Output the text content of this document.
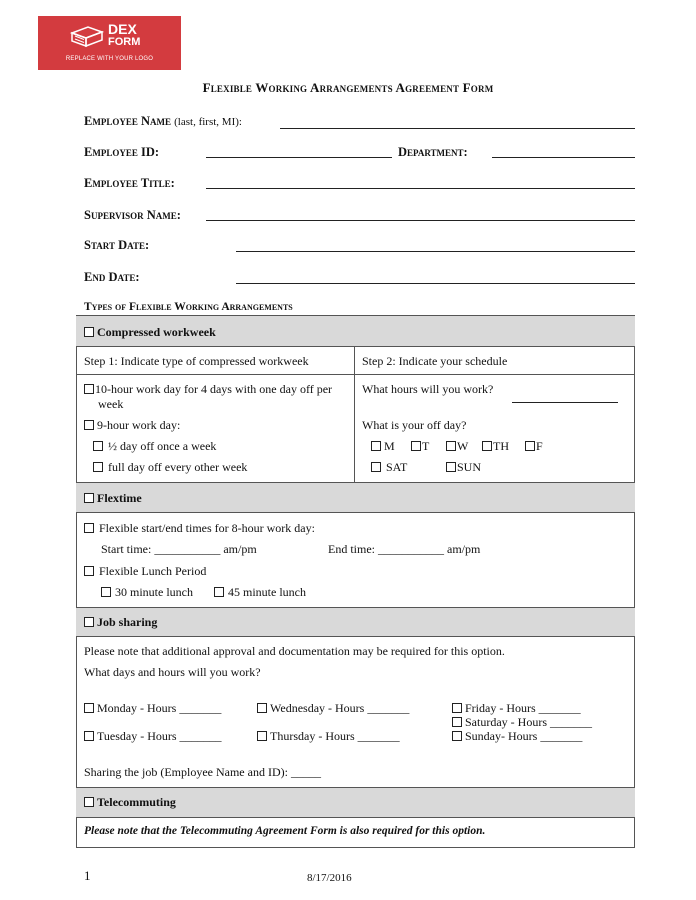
DEX
FORM
REPLACE WITH YOUR LOGO
Flexible Working Arrangements Agreement Form
Employee Name (last, first, MI):
Employee ID:	Department:
Employee Title:
Supervisor Name:
Start Date:
End Date:
Types of Flexible Working Arrangements
Compressed workweek
Step 1: Indicate type of compressed workweek	Step 2: Indicate your schedule
10-hour work day for 4 days with one day off per
week
9-hour work day:
½ day off once a week
full day off every other week
What hours will you work?
What is your off day?
M	T	W	TH	F
SAT	SUN
Flextime
Flexible start/end times for 8-hour work day:
Start time: ___________ am/pm	End time: ___________ am/pm
Flexible Lunch Period
30 minute lunch	45 minute lunch
Job sharing
Please note that additional approval and documentation may be required for this option.
What days and hours will you work?
Monday - Hours _______	Wednesday - Hours _______	Friday - Hours _______
Saturday - Hours _______
Tuesday - Hours _______	Thursday - Hours _______	Sunday- Hours _______
Sharing the job (Employee Name and ID): _____
Telecommuting
Please note that the Telecommuting Agreement Form is also required for this option.
1	8/17/2016
